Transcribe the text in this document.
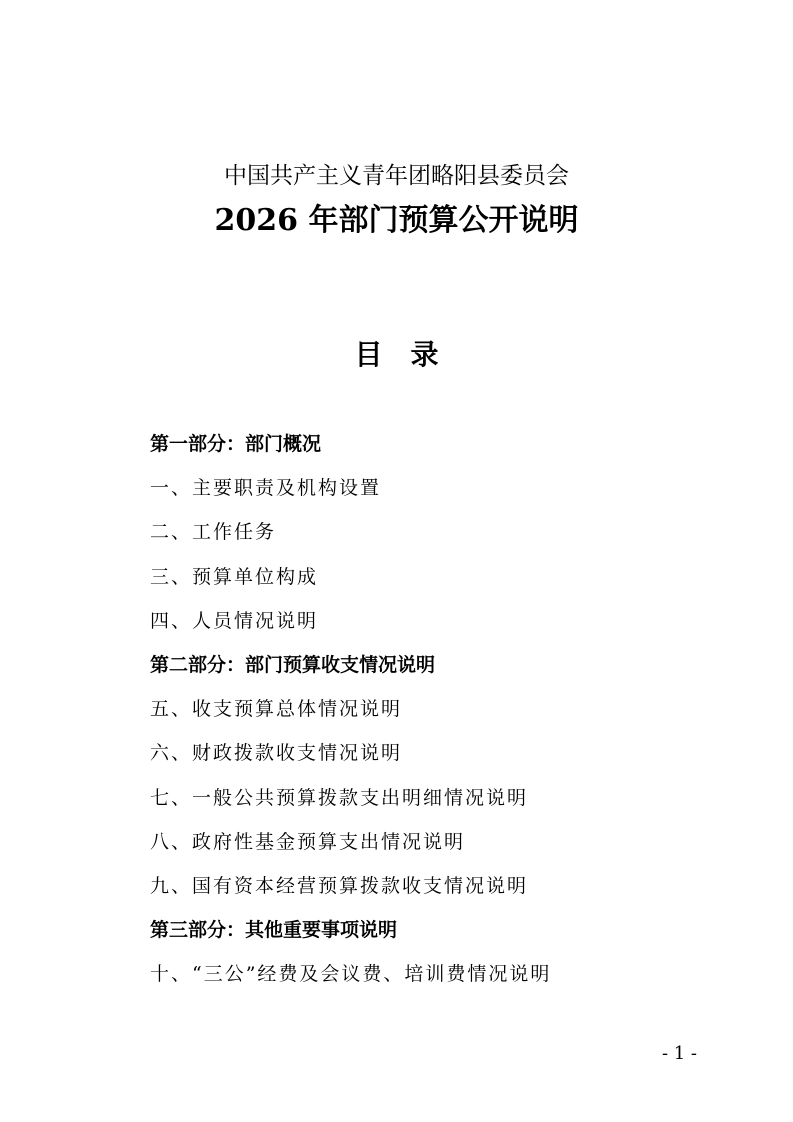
中国共产主义青年团略阳县委员会
2026 年部门预算公开说明
目录
第一部分：部门概况
一、主要职责及机构设置
二、工作任务
三、预算单位构成
四、人员情况说明
第二部分：部门预算收支情况说明
五、收支预算总体情况说明
六、财政拨款收支情况说明
七、一般公共预算拨款支出明细情况说明
八、政府性基金预算支出情况说明
九、国有资本经营预算拨款收支情况说明
第三部分：其他重要事项说明
十、“三公”经费及会议费、培训费情况说明
- 1 -
